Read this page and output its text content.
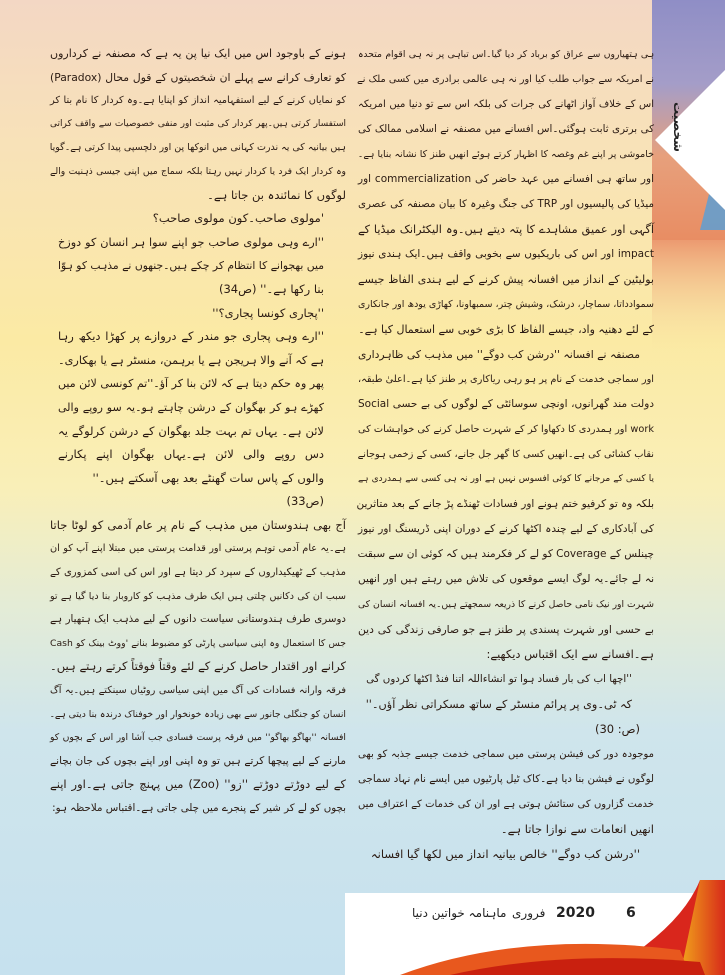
شخصیت
ہی ہتھیاروں سے عراق کو برباد کر دیا گیا۔اس تباہی پر نہ ہی اقوام متحدہ
نے امریکہ سے جواب طلب کیا اور نہ ہی عالمی برادری میں کسی ملک نے
اس کے خلاف آواز اٹھانے کی جرات کی بلکہ اس سے تو دنیا میں امریکہ
کی برتری ثابت ہوگئی۔اس افسانے میں مصنفہ نے اسلامی ممالک کی
خاموشی پر اپنے غم وغصہ کا اظہار کرتے ہوئے انھیں طنز کا نشانہ بنایا ہے۔
اور ساتھ ہی افسانے میں عہد حاضر کی commercialization اور
میڈیا کی پالیسیوں اور TRP کی جنگ وغیرہ کا بیان مصنفہ کی عصری
آگہی اور عمیق مشاہدے کا پتہ دیتے ہیں۔وہ الیکٹرانک میڈیا کے
impact اور اس کی باریکیوں سے بخوبی واقف ہیں۔ایک ہندی نیوز
بولیٹین کے انداز میں افسانہ پیش کرنے کے لیے ہندی الفاظ جیسے
سموادداتا، سماچار، درشک، وشیش چتر، سمبھاونا، کھاڑی یودھ اور جانکاری
کے لئے دھنیہ واد، جیسے الفاظ کا بڑی خوبی سے استعمال کیا ہے۔
مصنفہ نے افسانہ ''درشن کب دوگے'' میں مذہب کی ظاہرداری
اور سماجی خدمت کے نام پر ہو رہی ریاکاری پر طنز کیا ہے۔اعلیٰ طبقہ،
دولت مند گھرانوں، اونچی سوسائٹی کے لوگوں کی بے حسی Social
work اور ہمدردی کا دکھاوا کر کے شہرت حاصل کرنے کی خواہشات کی
نقاب کشائی کی ہے۔انھیں کسی کا گھر جل جانے، کسی کے زخمی ہوجانے
یا کسی کے مرجانے کا کوئی افسوس نہیں ہے اور نہ ہی کسی سے ہمدردی ہے
بلکہ وہ تو کرفیو ختم ہونے اور فسادات ٹھنڈے پڑ جانے کے بعد متاثرین
کی آبادکاری کے لیے چندہ اکٹھا کرنے کے دوران اپنی ڈریسنگ اور نیوز
چینلس کے Coverage کو لے کر فکرمند ہیں کہ کوئی ان سے سبقت
نہ لے جائے۔یہ لوگ ایسے موقعوں کی تلاش میں رہتے ہیں اور انھیں
شہرت اور نیک نامی حاصل کرنے کا ذریعہ سمجھتے ہیں۔یہ افسانہ انسان کی
بے حسی اور شہرت پسندی پر طنز ہے جو صارفی زندگی کی دین
ہے۔افسانے سے ایک اقتباس دیکھیے:
''اچھا اب کی بار فساد ہوا تو انشاءاللہ اتنا فنڈ اکٹھا کردوں گی
کہ ٹی۔وی پر پرائم منسٹر کے ساتھ مسکراتی نظر آؤں۔''
(ص: 30)
موجودہ دور کی فیشن پرستی میں سماجی خدمت جیسے جذبہ کو بھی
لوگوں نے فیشن بنا دیا ہے۔کاک ٹیل پارٹیوں میں ایسے نام نہاد سماجی
خدمت گزاروں کی ستائش ہوتی ہے اور ان کی خدمات کے اعتراف میں
انھیں انعامات سے نوازا جاتا ہے۔
''درشن کب دوگے'' خالص بیانیہ انداز میں لکھا گیا افسانہ
ہونے کے باوجود اس میں ایک نیا پن یہ ہے کہ مصنفہ نے کرداروں
کو تعارف کرانے سے پہلے ان شخصیتوں کے قول محال (Paradox)
کو نمایاں کرنے کے لیے استفہامیہ انداز کو اپنایا ہے۔وہ کردار کا نام بتا کر
استفسار کرتی ہیں۔پھر کردار کی مثبت اور منفی خصوصیات سے واقف کراتی
ہیں بیانیہ کی یہ ندرت کہانی میں انوکھا پن اور دلچسپی پیدا کرتی ہے۔گویا
وہ کردار ایک فرد یا کردار نہیں رہتا بلکہ سماج میں اپنی جیسی ذہنیت والے
لوگوں کا نمائندہ بن جاتا ہے۔
'مولوی صاحب۔کون مولوی صاحب؟
''ارے وہی مولوی صاحب جو اپنے سوا ہر انسان کو دوزخ
میں بھجوانے کا انتظام کر چکے ہیں۔جنھوں نے مذہب کو ہوّا
بنا رکھا ہے۔'' (ص34)
''پجاری کونسا پجاری؟''
''ارے وہی پجاری جو مندر کے دروازے پر کھڑا دیکھ رہا
ہے کہ آنے والا ہریجن ہے یا برہمن، منسٹر ہے یا بھکاری۔
پھر وہ حکم دیتا ہے کہ لائن بنا کر آؤ۔''تم کونسی لائن میں
کھڑے ہو کر بھگوان کے درشن چاہتے ہو۔یہ سو روپے والی
لائن ہے۔ یہاں تم بہت جلد بھگوان کے درشن کرلوگے یہ
دس روپے والی لائن ہے۔یہاں بھگوان اپنے پکارنے
والوں کے پاس سات گھنٹے بعد بھی آسکتے ہیں۔''
(ص33)
آج بھی ہندوستان میں مذہب کے نام پر عام آدمی کو لوٹا جاتا
ہے۔یہ عام آدمی توہم پرستی اور قدامت پرستی میں مبتلا اپنے آپ کو ان
مذہب کے ٹھیکیداروں کے سپرد کر دیتا ہے اور اس کی اسی کمزوری کے
سبب ان کی دکانیں چلتی ہیں ایک طرف مذہب کو کاروبار بنا دیا گیا ہے تو
دوسری طرف ہندوستانی سیاست دانوں کے لیے مذہب ایک ہتھیار ہے
جس کا استعمال وہ اپنی سیاسی پارٹی کو مضبوط بنانے 'ووٹ بینک کو Cash
کرانے اور اقتدار حاصل کرنے کے لئے وقتاً فوقتاً کرتے رہتے ہیں۔
فرقہ وارانہ فسادات کی آگ میں اپنی سیاسی روٹیاں سینکتے ہیں۔یہ آگ
انسان کو جنگلی جانور سے بھی زیادہ خونخوار اور خوفناک درندہ بنا دیتی ہے۔
افسانہ ''بھاگو بھاگو'' میں فرقہ پرست فسادی جب آشا اور اس کے بچوں کو
مارنے کے لیے پیچھا کرتے ہیں تو وہ اپنی اور اپنے بچوں کی جان بچانے
کے لیے دوڑتے دوڑتے ''زو'' (Zoo) میں پہنچ جاتی ہے۔اور اپنے
بچوں کو لے کر شیر کے پنجرے میں چلی جاتی ہے۔اقتباس ملاحظہ ہو:
6
2020
فروری
ماہنامہ خواتین دنیا
